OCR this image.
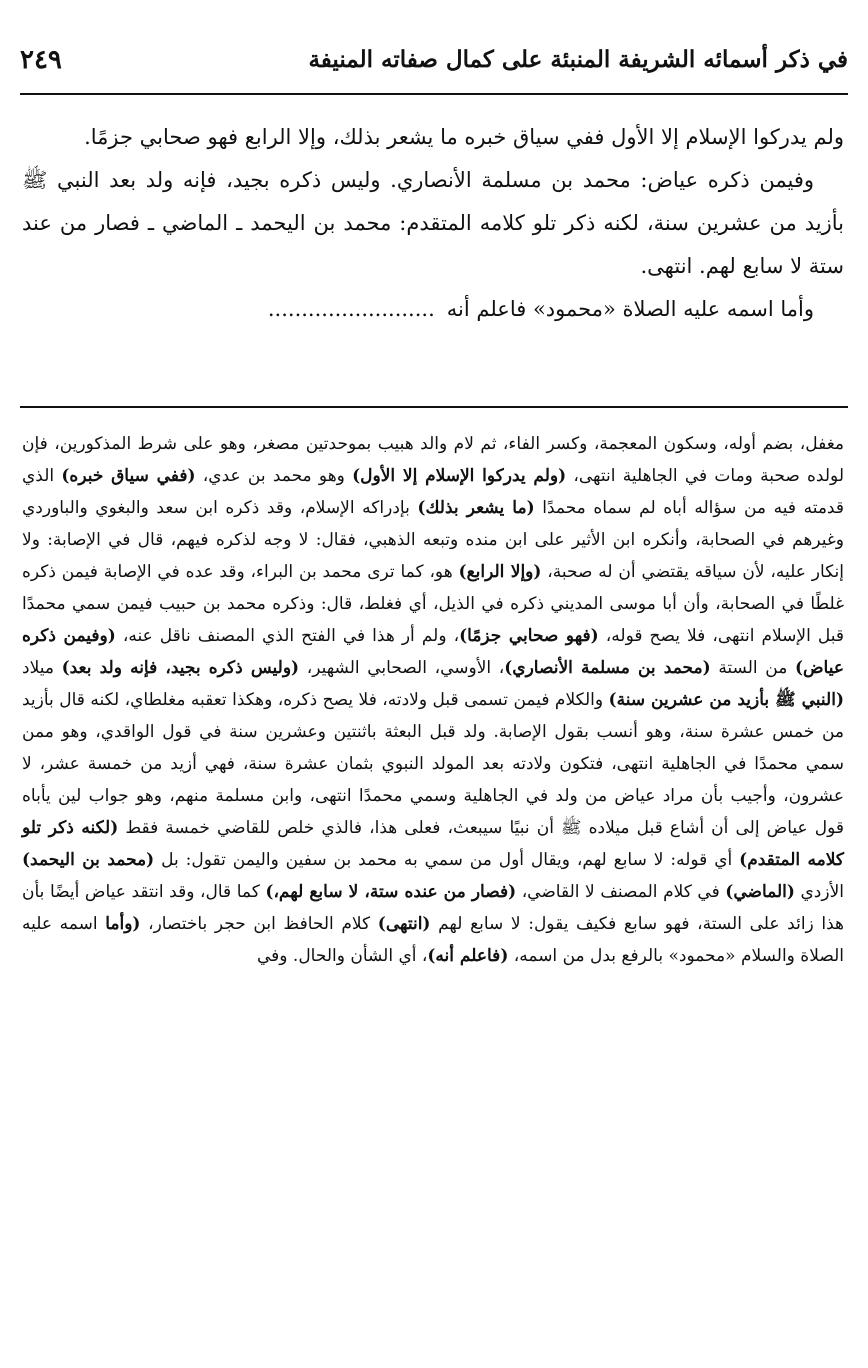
في ذكر أسمائه الشريفة المنبئة على كمال صفاته المنيفة
٢٤٩

ولم يدركوا الإسلام إلا الأول ففي سياق خبره ما يشعر بذلك، وإلا الرابع فهو صحابي جزمًا.

وفيمن ذكره عياض: محمد بن مسلمة الأنصاري. وليس ذكره بجيد، فإنه ولد بعد النبي ﷺ بأزيد من عشرين سنة، لكنه ذكر تلو كلامه المتقدم: محمد بن اليحمد ـ الماضي ـ فصار من عند ستة لا سابع لهم. انتهى.

وأما اسمه عليه الصلاة «محمود» فاعلم أنه.........................

مغفل، بضم أوله، وسكون المعجمة، وكسر الفاء، ثم لام والد هبيب بموحدتين مصغر، وهو على شرط المذكورين، فإن لولده صحبة ومات في الجاهلية انتهى، (ولم يدركوا الإسلام إلا الأول) وهو محمد بن عدي، (ففي سياق خبره) الذي قدمته فيه من سؤاله أباه لم سماه محمدًا (ما يشعر بذلك) بإدراكه الإسلام، وقد ذكره ابن سعد والبغوي والباوردي وغيرهم في الصحابة، وأنكره ابن الأثير على ابن منده وتبعه الذهبي، فقال: لا وجه لذكره فيهم، قال في الإصابة: ولا إنكار عليه، لأن سياقه يقتضي أن له صحبة، (وإلا الرابع) هو، كما ترى محمد بن البراء، وقد عده في الإصابة فيمن ذكره غلطًا في الصحابة، وأن أبا موسى المديني ذكره في الذيل، أي فغلط، قال: وذكره محمد بن حبيب فيمن سمي محمدًا قبل الإسلام انتهى، فلا يصح قوله، (فهو صحابي جزمًا)، ولم أر هذا في الفتح الذي المصنف ناقل عنه، (وفيمن ذكره عياض) من الستة (محمد بن مسلمة الأنصاري)، الأوسي، الصحابي الشهير، (وليس ذكره بجيد، فإنه ولد بعد) ميلاد (النبي ﷺ بأزيد من عشرين سنة) والكلام فيمن تسمى قبل ولادته، فلا يصح ذكره، وهكذا تعقبه مغلطاي، لكنه قال بأزيد من خمس عشرة سنة، وهو أنسب بقول الإصابة. ولد قبل البعثة باثنتين وعشرين سنة في قول الواقدي، وهو ممن سمي محمدًا في الجاهلية انتهى، فتكون ولادته بعد المولد النبوي بثمان عشرة سنة، فهي أزيد من خمسة عشر، لا عشرون، وأجيب بأن مراد عياض من ولد في الجاهلية وسمي محمدًا انتهى، وابن مسلمة منهم، وهو جواب لين يأباه قول عياض إلى أن أشاع قبل ميلاده ﷺ أن نبيًا سيبعث، فعلى هذا، فالذي خلص للقاضي خمسة فقط (لكنه ذكر تلو كلامه المتقدم) أي قوله: لا سابع لهم، ويقال أول من سمي به محمد بن سفين واليمن تقول: بل (محمد بن اليحمد) الأزدي (الماضي) في كلام المصنف لا القاضي، (فصار من عنده ستة، لا سابع لهم،) كما قال، وقد انتقد عياض أيضًا بأن هذا زائد على الستة، فهو سابع فكيف يقول: لا سابع لهم (انتهى) كلام الحافظ ابن حجر باختصار، (وأما اسمه عليه الصلاة والسلام «محمود» بالرفع بدل من اسمه، (فاعلم أنه)، أي الشأن والحال. وفي
